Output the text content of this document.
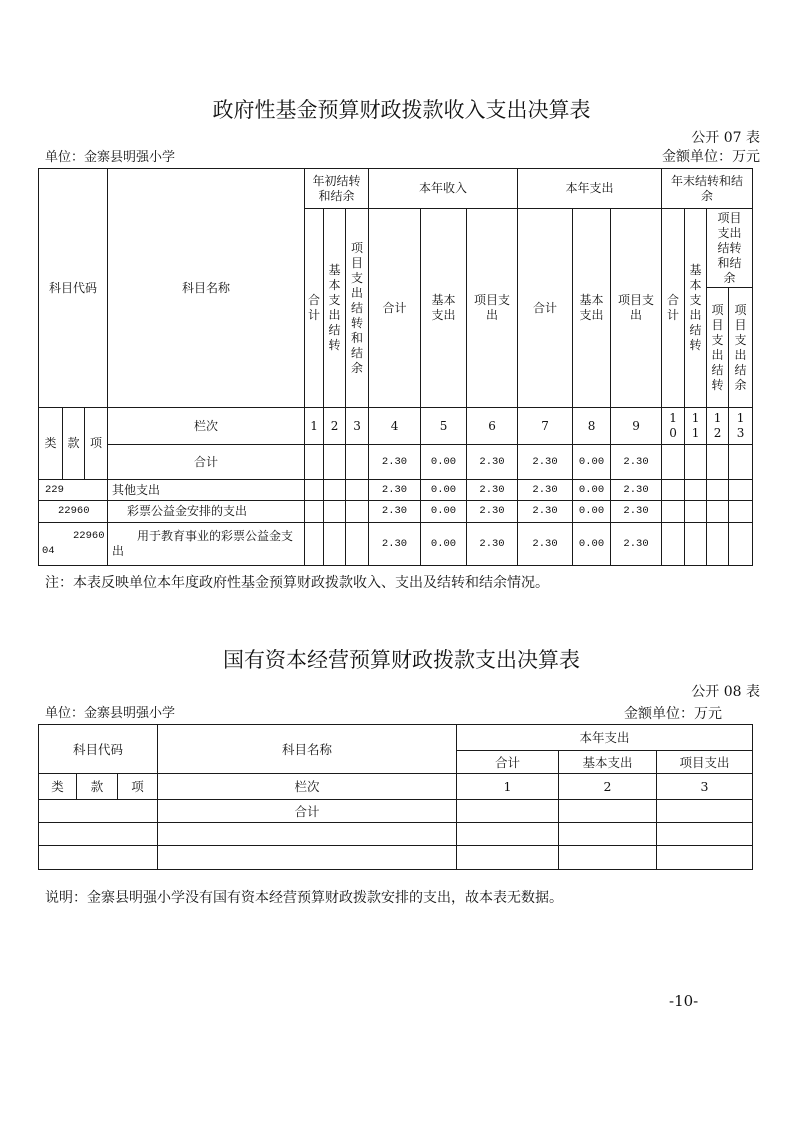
政府性基金预算财政拨款收入支出决算表
公开 07 表
单位：金寨县明强小学	金额单位：万元
科目代码			科目名称	年初结转和结余			本年收入			本年支出			年末结转和结余			

				合计	基本支出结转	项目支出结转和结余	合计	基本支出	项目支出	合计	基本支出	项目支出	合计	基本支出结转	项目支出结转和结余	

															项目支出结转	项目支出结余

类	款	项	栏次	1	2	3	4	5	6	7	8	9	10	11	12	13

			合计				2.30	0.00	2.30	2.30	0.00	2.30				
229			其他支出				2.30	0.00	2.30	2.30	0.00	2.30				
22960			彩票公益金安排的支出				2.30	0.00	2.30	2.30	0.00	2.30				
2296004			用于教育事业的彩票公益金支出				2.30	0.00	2.30	2.30	0.00	2.30				
注：本表反映单位本年度政府性基金预算财政拨款收入、支出及结转和结余情况。
国有资本经营预算财政拨款支出决算表
公开 08 表
单位：金寨县明强小学	金额单位：万元
科目代码			科目名称	本年支出		
				合计	基本支出	项目支出
类	款	项	栏次	1	2	3
			合计			

说明：金寨县明强小学没有国有资本经营预算财政拨款安排的支出，故本表无数据。
-10-
